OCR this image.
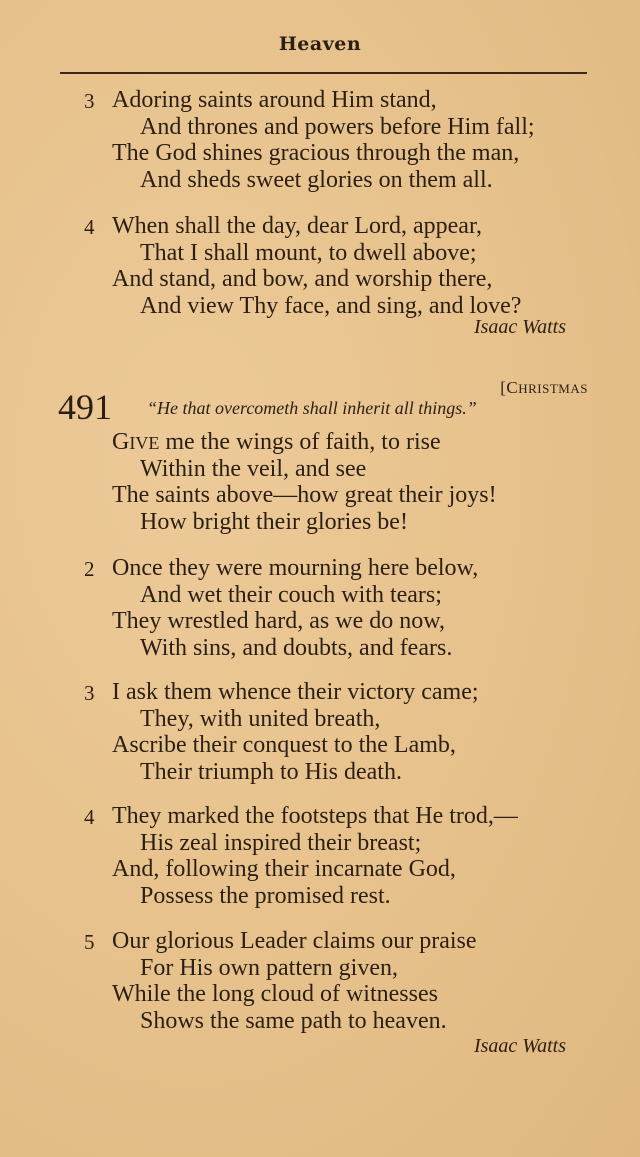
Heaven
3 Adoring saints around Him stand,
And thrones and powers before Him fall;
The God shines gracious through the man,
And sheds sweet glories on them all.
4 When shall the day, dear Lord, appear,
That I shall mount, to dwell above;
And stand, and bow, and worship there,
And view Thy face, and sing, and love?
Isaac Watts
[CHRISTMAS
491 “He that overcometh shall inherit all things.”
GIVE me the wings of faith, to rise
Within the veil, and see
The saints above—how great their joys!
How bright their glories be!
2 Once they were mourning here below,
And wet their couch with tears;
They wrestled hard, as we do now,
With sins, and doubts, and fears.
3 I ask them whence their victory came;
They, with united breath,
Ascribe their conquest to the Lamb,
Their triumph to His death.
4 They marked the footsteps that He trod,—
His zeal inspired their breast;
And, following their incarnate God,
Possess the promised rest.
5 Our glorious Leader claims our praise
For His own pattern given,
While the long cloud of witnesses
Shows the same path to heaven.
Isaac Watts
